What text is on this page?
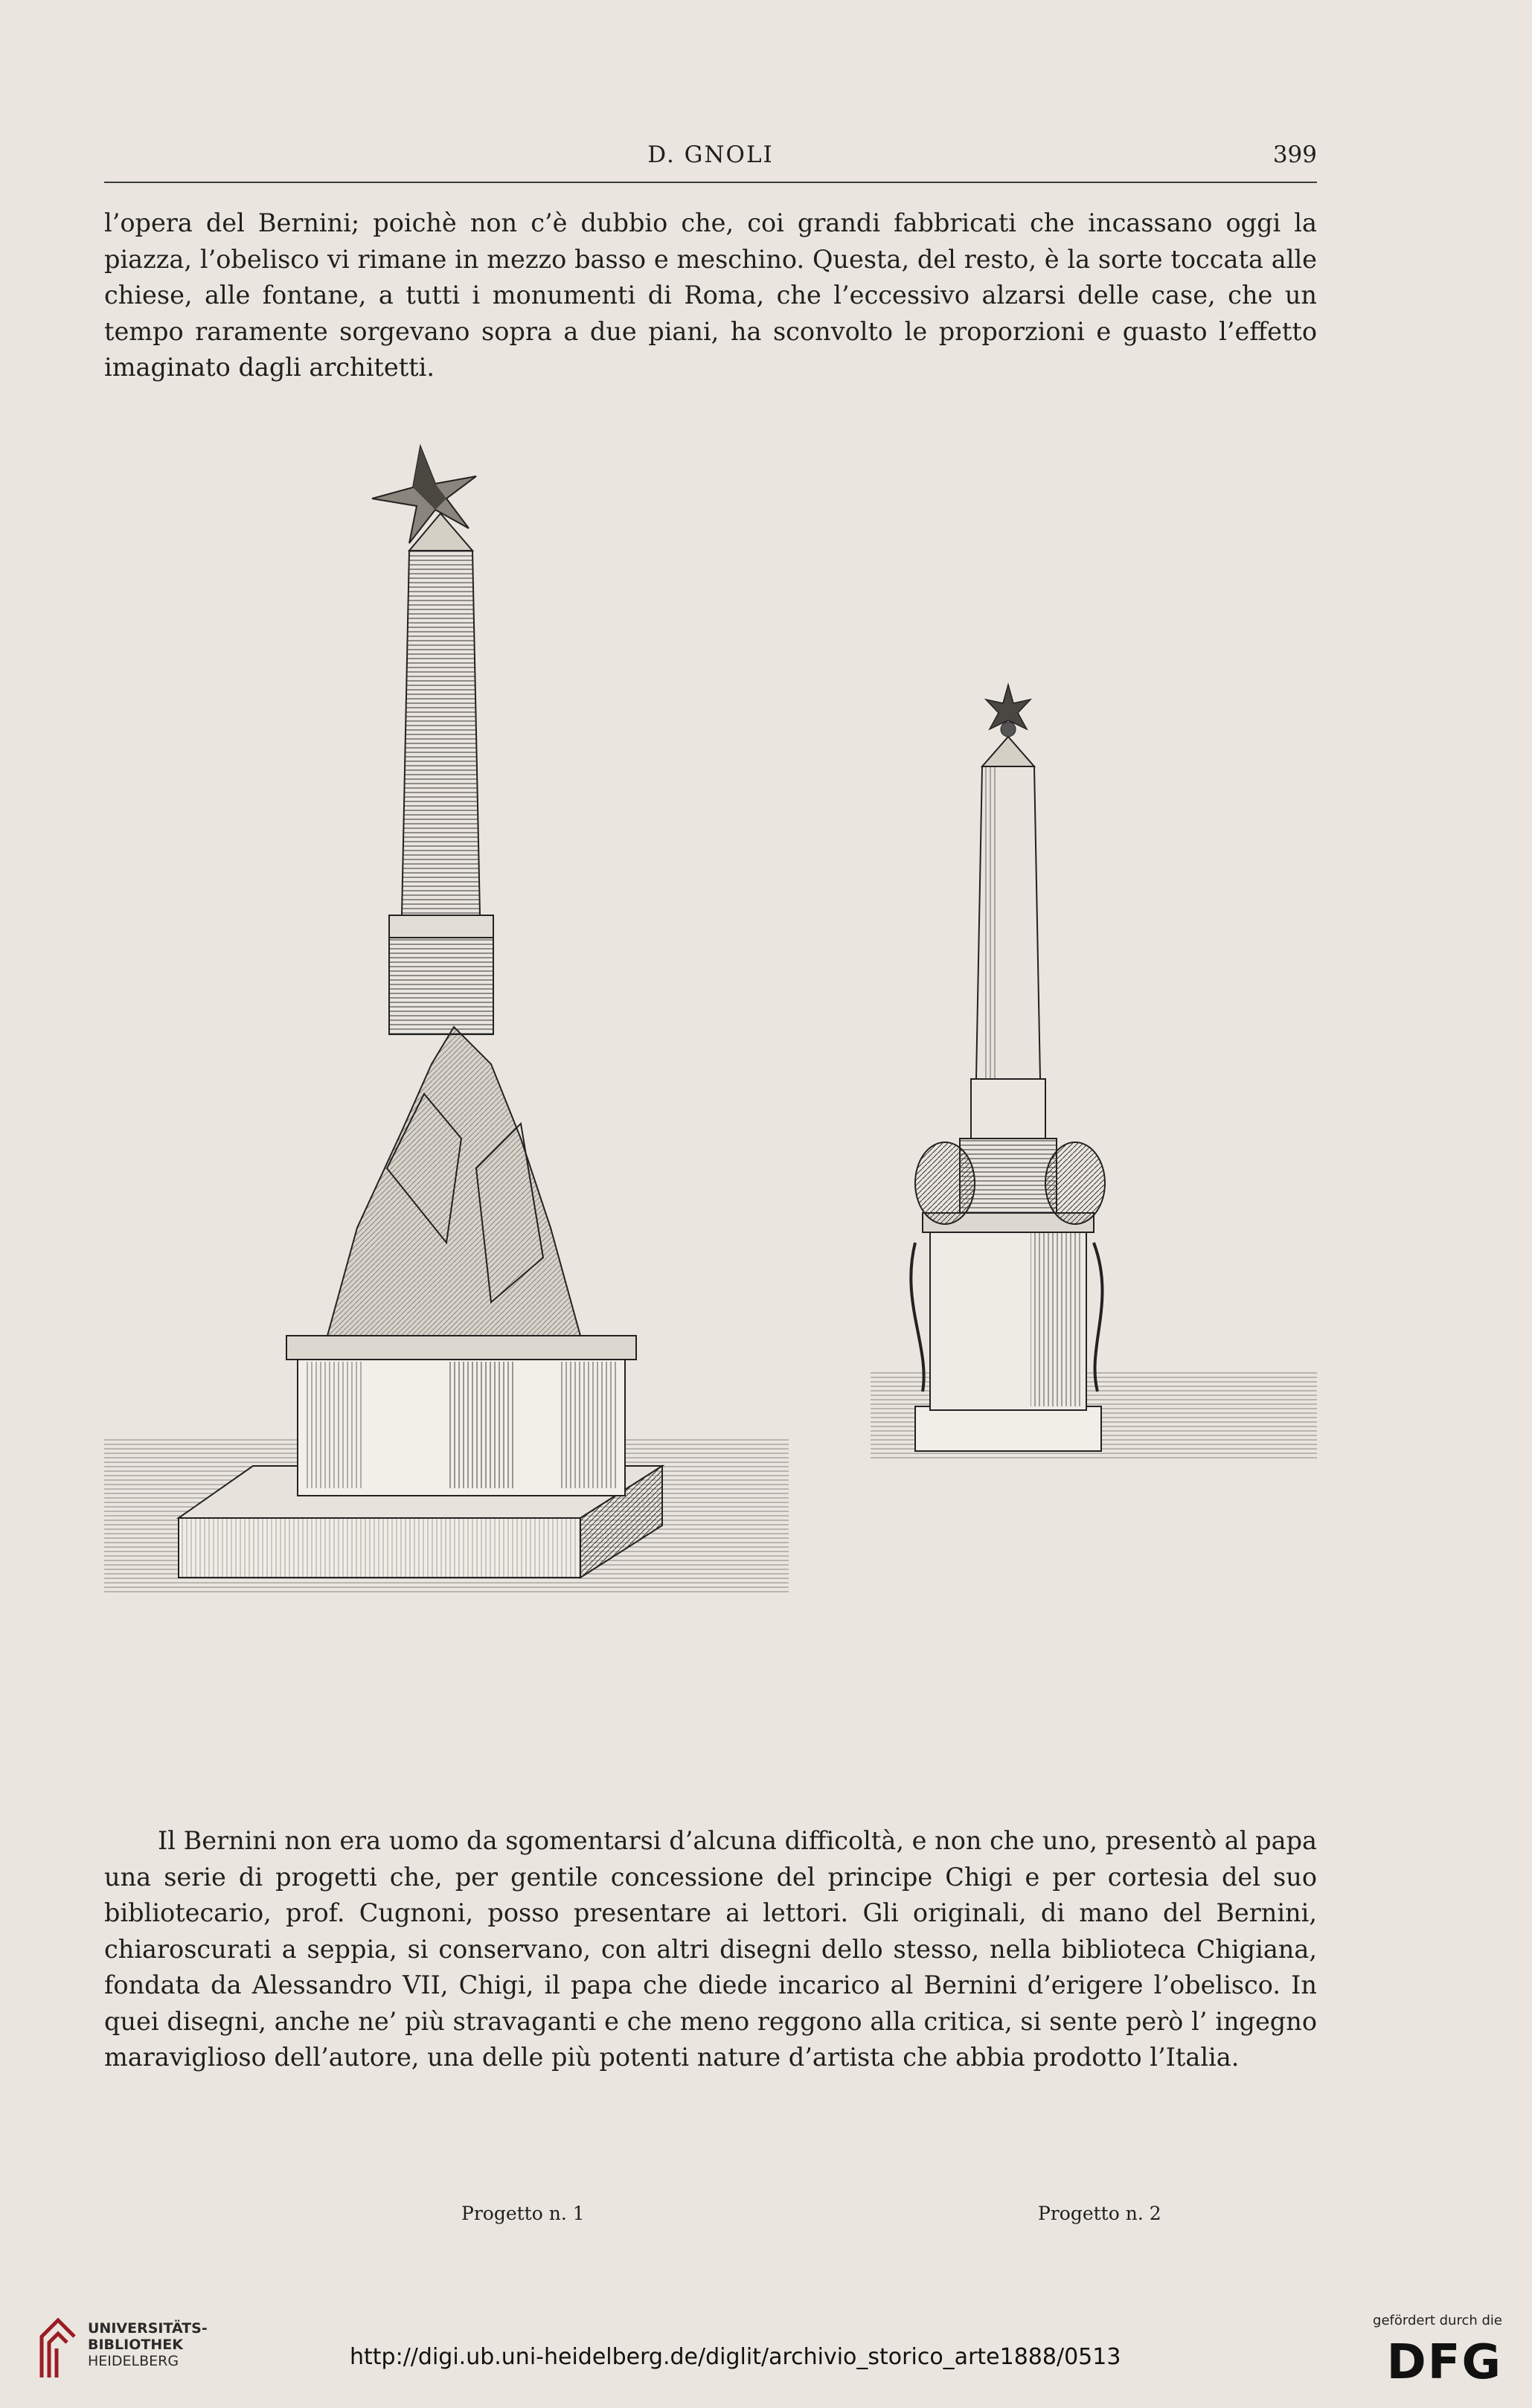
D. GNOLI	399

l’opera del Bernini; poichè non c’è dubbio che, coi grandi fabbricati che incassano oggi la piazza, l’obelisco vi rimane in mezzo basso e meschino. Questa, del resto, è la sorte toccata alle chiese, alle fontane, a tutti i monumenti di Roma, che l’eccessivo alzarsi delle case, che un tempo raramente sorgevano sopra a due piani, ha sconvolto le proporzioni e guasto l’effetto imaginato dagli architetti.

Progetto n. 1	Progetto n. 2

Il Bernini non era uomo da sgomentarsi d’alcuna difficoltà, e non che uno, presentò al papa una serie di progetti che, per gentile concessione del principe Chigi e per cortesia del suo bibliotecario, prof. Cugnoni, posso presentare ai lettori. Gli originali, di mano del Bernini, chiaroscurati a seppia, si conservano, con altri disegni dello stesso, nella biblioteca Chigiana, fondata da Alessandro VII, Chigi, il papa che diede incarico al Bernini d’erigere l’obelisco. In quei disegni, anche ne’ più stravaganti e che meno reggono alla critica, si sente però l’ ingegno maraviglioso dell’autore, una delle più potenti nature d’artista che abbia prodotto l’Italia.

UNIVERSITÄTS-
BIBLIOTHEK
HEIDELBERG	http://digi.ub.uni-heidelberg.de/diglit/archivio_storico_arte1888/0513
gefördert durch die
DFG
